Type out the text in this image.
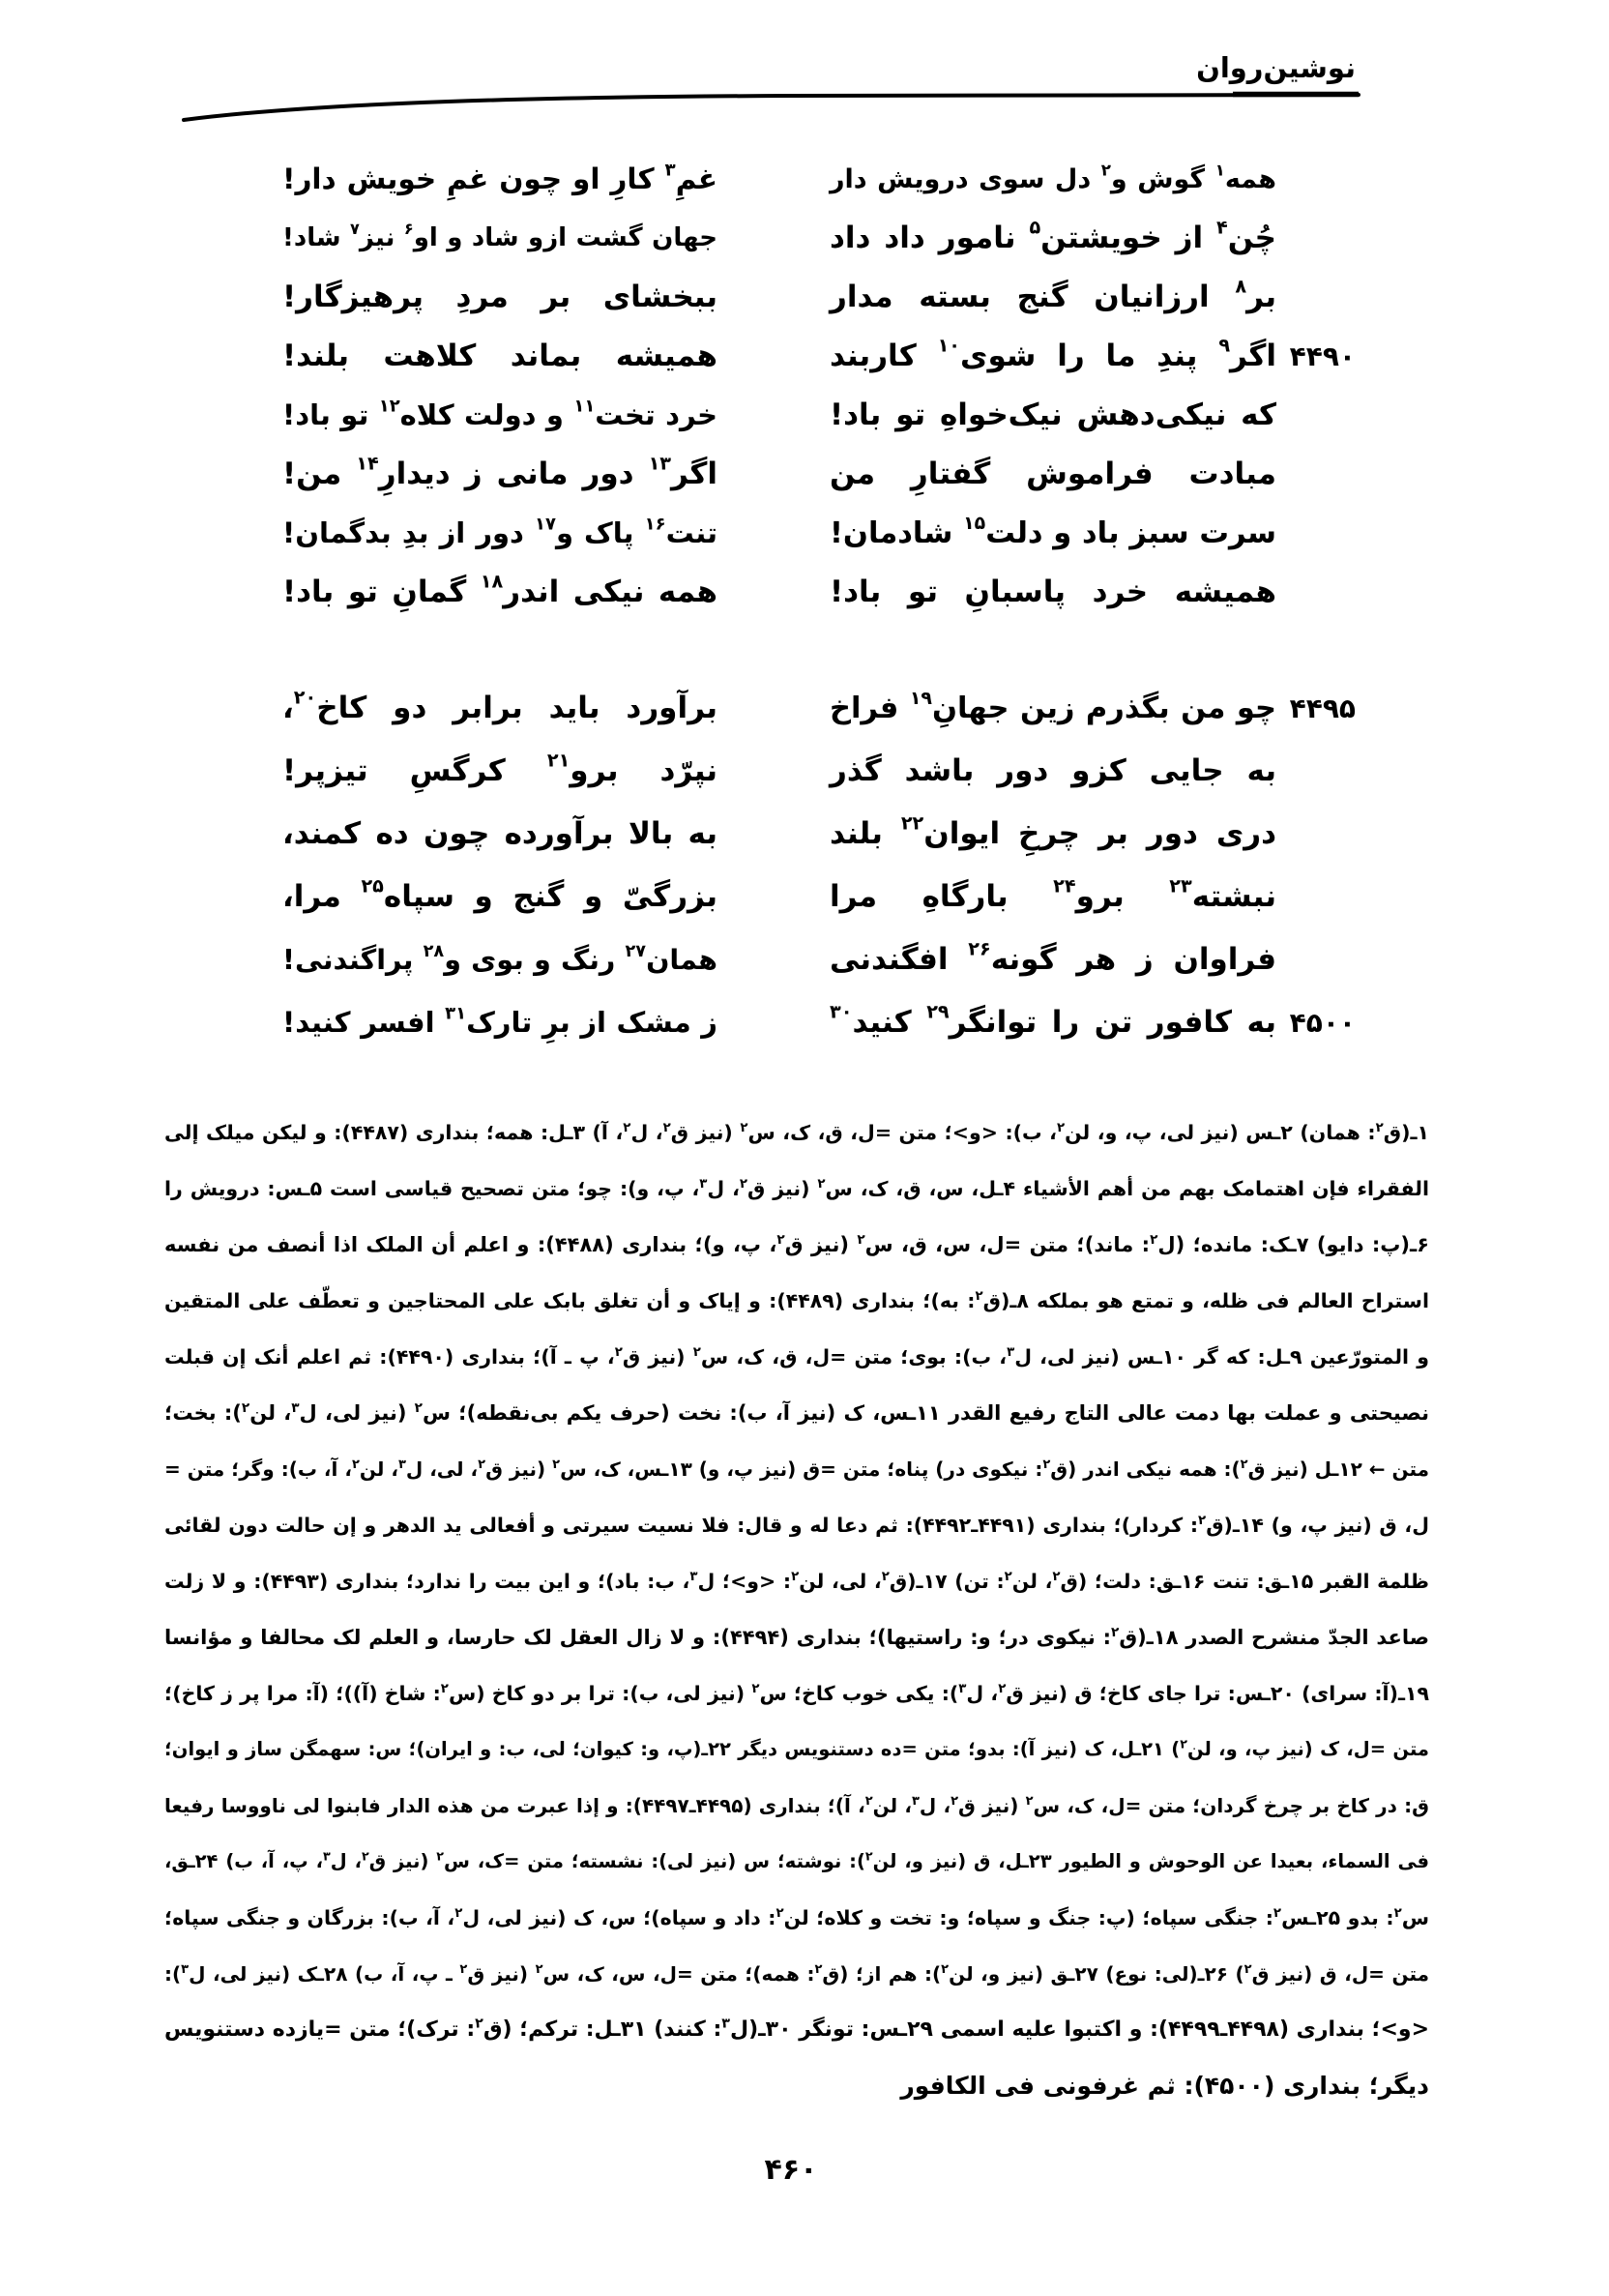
نوشین‌روان
همه$^۱$ گوش و$^۲$ دل سوی درویش دار
غمِ$^۳$ کارِ او چون غمِ خویش دار!
چُن$^۴$ از خویشتن$^۵$ نامور داد داد
جهان گشت ازو شاد و او$^۶$ نیز$^۷$ شاد!
بر$^۸$ ارزانیان گنج بسته مدار
ببخشای بر مردِ پرهیزگار!
۴۴۹۰
اگر$^۹$ پندِ ما را شوی$^{۱۰}$ کاربند
همیشه بماند کلاهت بلند!
که نیکی‌دهش نیک‌خواهِ تو باد!
خرد تخت$^{۱۱}$ و دولت کلاه$^{۱۲}$ تو باد!
مبادت فراموش گفتارِ من
اگر$^{۱۳}$ دور مانی ز دیدارِ$^{۱۴}$ من!
سرت سبز باد و دلت$^{۱۵}$ شادمان!
تنت$^{۱۶}$ پاک و$^{۱۷}$ دور از بدِ بدگمان!
همیشه خرد پاسبانِ تو باد!
همه نیکی اندر$^{۱۸}$ گمانِ تو باد!
۴۴۹۵
چو من بگذرم زین جهانِ$^{۱۹}$ فراخ
برآورد باید برابر دو کاخ$^{۲۰}$،
به جایی کزو دور باشد گذر
نپرّد برو$^{۲۱}$ کرگسِ تیزپر!
دری دور بر چرخِ ایوان$^{۲۲}$ بلند
به بالا برآورده چون ده کمند،
نبشته$^{۲۳}$ برو$^{۲۴}$ بارگاهِ مرا
بزرگیّ و گنج و سپاه$^{۲۵}$ مرا،
فراوان ز هر گونه$^{۲۶}$ افگندنی
همان$^{۲۷}$ رنگ و بوی و$^{۲۸}$ پراگندنی!
۴۵۰۰
به کافور تن را توانگر$^{۲۹}$ کنید$^{۳۰}$
ز مشک از برِ تارک$^{۳۱}$ افسر کنید!
۱ـ(ق$^۲$: همان) ۲ـس (نیز لی، پ، و، لن$^۲$، ب): <و>؛ متن =ل، ق، ک، س$^۲$ (نیز ق$^۲$، ل$^۲$، آ) ۳ـل: همه؛ بنداری (۴۴۸۷): و لیکن میلک إلی
الفقراء فإن اهتمامک بهم من أهم الأشیاء ۴ـل، س، ق، ک، س$^۲$ (نیز ق$^۲$، ل$^۳$، پ، و): چو؛ متن تصحیح قیاسی است ۵ـس: درویش را
۶ـ(پ: دایو) ۷ـک: مانده؛ (ل$^۲$: ماند)؛ متن =ل، س، ق، س$^۲$ (نیز ق$^۲$، پ، و)؛ بنداری (۴۴۸۸): و اعلم أن الملک اذا أنصف من نفسه
استراح العالم فی ظله، و تمتع هو بملکه ۸ـ(ق$^۲$: به)؛ بنداری (۴۴۸۹): و إیاک و أن تغلق بابک علی المحتاجین و تعطّف علی المتقین
و المتورّعین ۹ـل: که گر ۱۰ـس (نیز لی، ل$^۳$، ب): بوی؛ متن =ل، ق، ک، س$^۲$ (نیز ق$^۲$، پ ـ آ)؛ بنداری (۴۴۹۰): ثم اعلم أنک إن قبلت
نصیحتی و عملت بها دمت عالی التاج رفیع القدر ۱۱ـس، ک (نیز آ، ب): نخت (حرف یکم بی‌نقطه)؛ س$^۲$ (نیز لی، ل$^۳$، لن$^۲$): بخت؛
متن ← ۱۲ـل (نیز ق$^۲$): همه نیکی اندر (ق$^۲$: نیکوی در) پناه؛ متن =ق (نیز پ، و) ۱۳ـس، ک، س$^۲$ (نیز ق$^۲$، لی، ل$^۳$، لن$^۲$، آ، ب): وگر؛ متن =
ل، ق (نیز پ، و) ۱۴ـ(ق$^۲$: کردار)؛ بنداری (۴۴۹۱ـ۴۴۹۲): ثم دعا له و قال: فلا نسیت سیرتی و أفعالی ید الدهر و إن حالت دون لقائی
ظلمة القبر ۱۵ـق: تنت ۱۶ـق: دلت؛ (ق$^۲$، لن$^۲$: تن) ۱۷ـ(ق$^۲$، لی، لن$^۲$: <و>؛ ل$^۳$، ب: باد)؛ و این بیت را ندارد؛ بنداری (۴۴۹۳): و لا زلت
صاعد الجدّ منشرح الصدر ۱۸ـ(ق$^۲$: نیکوی در؛ و: راستیها)؛ بنداری (۴۴۹۴): و لا زال العقل لک حارسا، و العلم لک محالفا و مؤانسا
۱۹ـ(آ: سرای) ۲۰ـس: ترا جای کاخ؛ ق (نیز ق$^۲$، ل$^۳$): یکی خوب کاخ؛ س$^۲$ (نیز لی، ب): ترا بر دو کاخ (س$^۲$: شاخ (آ))؛ (آ: مرا پر ز کاخ)؛
متن =ل، ک (نیز پ، و، لن$^۲$) ۲۱ـل، ک (نیز آ): بدو؛ متن =ده دستنویس دیگر ۲۲ـ(پ، و: کیوان؛ لی، ب: و ایران)؛ س: سهمگن ساز و ایوان؛
ق: در کاخ بر چرخ گردان؛ متن =ل، ک، س$^۲$ (نیز ق$^۲$، ل$^۳$، لن$^۲$، آ)؛ بنداری (۴۴۹۵ـ۴۴۹۷): و إذا عبرت من هذه الدار فابنوا لی ناووسا رفیعا
فی السماء، بعیدا عن الوحوش و الطیور ۲۳ـل، ق (نیز و، لن$^۲$): نوشته؛ س (نیز لی): نشسته؛ متن =ک، س$^۲$ (نیز ق$^۲$، ل$^۳$، پ، آ، ب) ۲۴ـق،
س$^۲$: بدو ۲۵ـس$^۲$: جنگی سپاه؛ (پ: جنگ و سپاه؛ و: تخت و کلاه؛ لن$^۲$: داد و سپاه)؛ س، ک (نیز لی، ل$^۲$، آ، ب): بزرگان و جنگی سپاه؛
متن =ل، ق (نیز ق$^۲$) ۲۶ـ(لی: نوع) ۲۷ـق (نیز و، لن$^۲$): هم از؛ (ق$^۲$: همه)؛ متن =ل، س، ک، س$^۲$ (نیز ق$^۲$ ـ پ، آ، ب) ۲۸ـک (نیز لی، ل$^۳$):
<و>؛ بنداری (۴۴۹۸ـ۴۴۹۹): و اکتبوا علیه اسمی ۲۹ـس: تونگر ۳۰ـ(ل$^۳$: کنند) ۳۱ـل: ترکم؛ (ق$^۲$: ترک)؛ متن =یازده دستنویس
دیگر؛ بنداری (۴۵۰۰): ثم غرفونی فی الکافور
۴۶۰
